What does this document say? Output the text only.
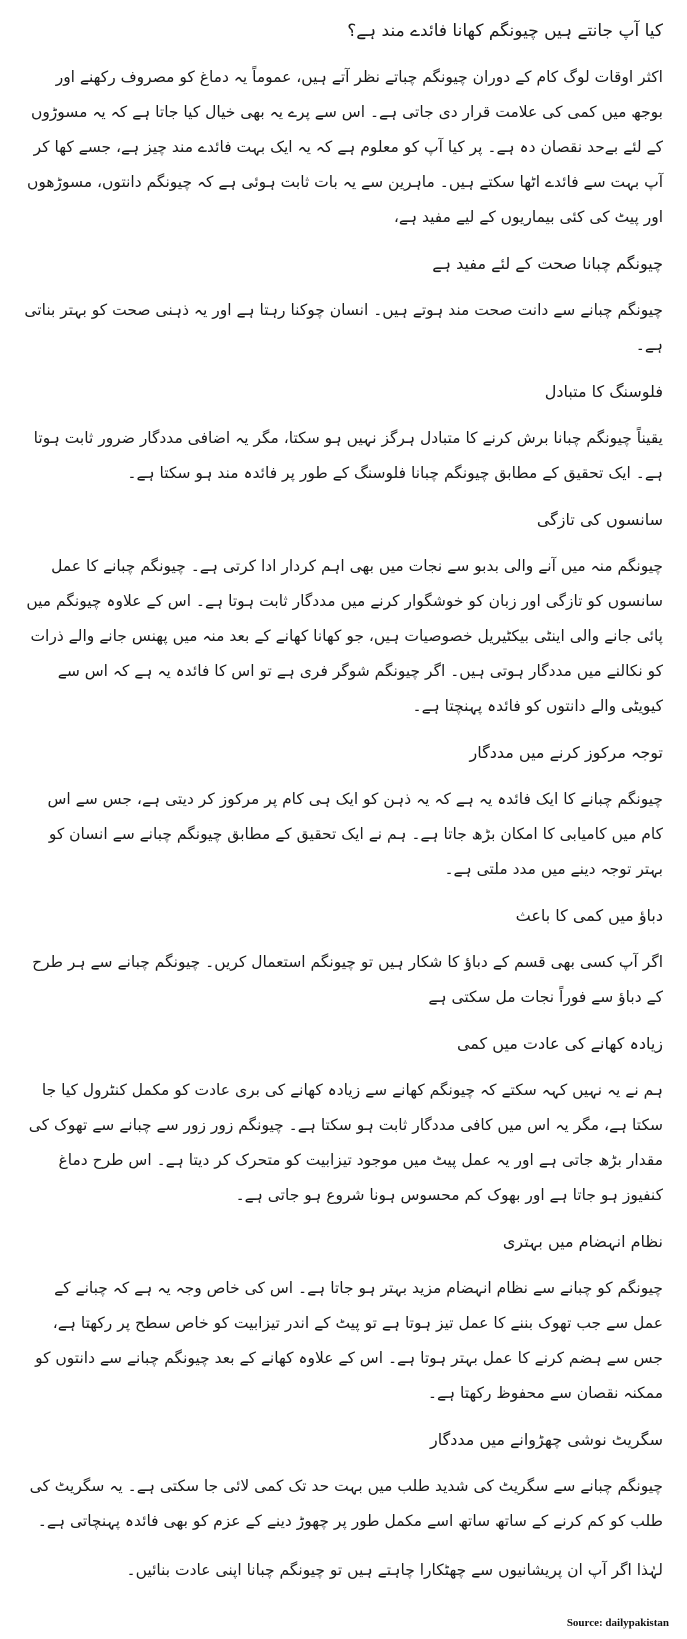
کیا آپ جانتے ہیں چیونگم کھانا فائدے مند ہے؟

اکثر اوقات لوگ کام کے دوران چیونگم چباتے نظر آتے ہیں، عموماً یہ دماغ کو مصروف رکھنے اور بوجھ میں کمی کی علامت قرار دی جاتی ہے۔ اس سے پرے یہ بھی خیال کیا جاتا ہے کہ یہ مسوڑوں کے لئے بےحد نقصان دہ ہے۔ پر کیا آپ کو معلوم ہے کہ یہ ایک بہت فائدے مند چیز ہے، جسے کھا کر آپ بہت سے فائدے اٹھا سکتے ہیں۔ ماہرین سے یہ بات ثابت ہوئی ہے کہ چیونگم دانتوں، مسوڑھوں اور پیٹ کی کئی بیماریوں کے لیے مفید ہے،

چیونگم چبانا صحت کے لئے مفید ہے

چیونگم چبانے سے دانت صحت مند ہوتے ہیں۔ انسان چوکنا رہتا ہے اور یہ ذہنی صحت کو بہتر بناتی ہے۔

فلوسنگ کا متبادل

یقیناً چیونگم چبانا برش کرنے کا متبادل ہرگز نہیں ہو سکتا، مگر یہ اضافی مددگار ضرور ثابت ہوتا ہے۔ ایک تحقیق کے مطابق چیونگم چبانا فلوسنگ کے طور پر فائدہ مند ہو سکتا ہے۔

سانسوں کی تازگی

چیونگم منہ میں آنے والی بدبو سے نجات میں بھی اہم کردار ادا کرتی ہے۔ چیونگم چبانے کا عمل سانسوں کو تازگی اور زبان کو خوشگوار کرنے میں مددگار ثابت ہوتا ہے۔ اس کے علاوہ چیونگم میں پائی جانے والی اینٹی بیکٹیریل خصوصیات ہیں، جو کھانا کھانے کے بعد منہ میں پھنس جانے والے ذرات کو نکالنے میں مددگار ہوتی ہیں۔ اگر چیونگم شوگر فری ہے تو اس کا فائدہ یہ ہے کہ اس سے کیویٹی والے دانتوں کو فائدہ پہنچتا ہے۔

توجہ مرکوز کرنے میں مددگار

چیونگم چبانے کا ایک فائدہ یہ ہے کہ یہ ذہن کو ایک ہی کام پر مرکوز کر دیتی ہے، جس سے اس کام میں کامیابی کا امکان بڑھ جاتا ہے۔ ہم نے ایک تحقیق کے مطابق چیونگم چبانے سے انسان کو بہتر توجہ دینے میں مدد ملتی ہے۔

دباؤ میں کمی کا باعث

اگر آپ کسی بھی قسم کے دباؤ کا شکار ہیں تو چیونگم استعمال کریں۔ چیونگم چبانے سے ہر طرح کے دباؤ سے فوراً نجات مل سکتی ہے

زیادہ کھانے کی عادت میں کمی

ہم نے یہ نہیں کہہ سکتے کہ چیونگم کھانے سے زیادہ کھانے کی بری عادت کو مکمل کنٹرول کیا جا سکتا ہے، مگر یہ اس میں کافی مددگار ثابت ہو سکتا ہے۔ چیونگم زور زور سے چبانے سے تھوک کی مقدار بڑھ جاتی ہے اور یہ عمل پیٹ میں موجود تیزابیت کو متحرک کر دیتا ہے۔ اس طرح دماغ کنفیوز ہو جاتا ہے اور بھوک کم محسوس ہونا شروع ہو جاتی ہے۔

نظام انہضام میں بہتری

چیونگم کو چبانے سے نظام انہضام مزید بہتر ہو جاتا ہے۔ اس کی خاص وجہ یہ ہے کہ چبانے کے عمل سے جب تھوک بننے کا عمل تیز ہوتا ہے تو پیٹ کے اندر تیزابیت کو خاص سطح پر رکھتا ہے، جس سے ہضم کرنے کا عمل بہتر ہوتا ہے۔ اس کے علاوہ کھانے کے بعد چیونگم چبانے سے دانتوں کو ممکنہ نقصان سے محفوظ رکھتا ہے۔

سگریٹ نوشی چھڑوانے میں مددگار

چیونگم چبانے سے سگریٹ کی شدید طلب میں بہت حد تک کمی لائی جا سکتی ہے۔ یہ سگریٹ کی طلب کو کم کرنے کے ساتھ ساتھ اسے مکمل طور پر چھوڑ دینے کے عزم کو بھی فائدہ پہنچاتی ہے۔

لہٰذا اگر آپ ان پریشانیوں سے چھٹکارا چاہتے ہیں تو چیونگم چبانا اپنی عادت بنائیں۔

Source: dailypakistan
